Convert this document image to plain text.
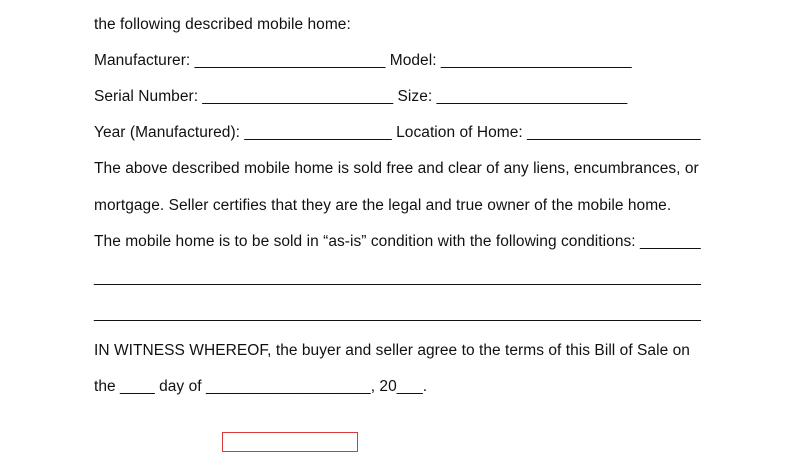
the following described mobile home:
Manufacturer: ______________________ Model: ______________________
Serial Number: ______________________ Size: ______________________
Year (Manufactured): _________________ Location of Home: ____________________
The above described mobile home is sold free and clear of any liens, encumbrances, or
mortgage. Seller certifies that they are the legal and true owner of the mobile home.
The mobile home is to be sold in “as-is” condition with the following conditions: _______
______________________________________________________________________
______________________________________________________________________
IN WITNESS WHEREOF, the buyer and seller agree to the terms of this Bill of Sale on
the ____ day of ___________________, 20___.
